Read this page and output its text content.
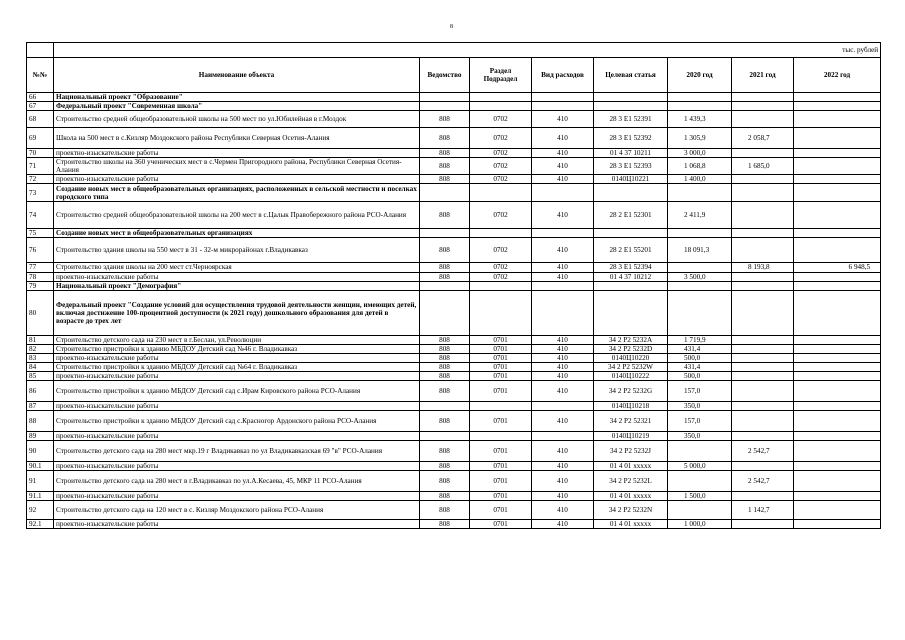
8
	тыс. рублей							
№№	Наименование объекта	Ведомство	Раздел Подраздел	Вид расходов	Целевая статья	2020 год	2021 год	2022 год
66	Национальный проект "Образование"							
67	Федеральный проект "Современная школа"							
68	Строительство средней общеобразовательной школы на 500 мест по ул.Юбилейная в г.Моздок	808	0702	410	28 3 E1 52391	1 439,3		
69	Школа на 500 мест в с.Кизляр Моздокского района Республики Северная Осетия-Алания	808	0702	410	28 3 E1 52392	1 305,9	2 058,7	
70	проектно-изыскательские работы	808	0702	410	01 4 37 10211	3 000,0		
71	Строительство школы на 360 ученических мест в с.Чермен Пригородного района, Республики Северная Осетия-Алания	808	0702	410	28 3 E1 52393	1 068,8	1 685,0	
72	проектно-изыскательские работы	808	0702	410	0140Ц10221	1 400,0		
73	Создание новых мест в общеобразовательных организациях, расположенных в сельской местности и поселках городского типа							
74	Строительство средней общеобразовательной школы на 200 мест в с.Цалык Правобережного района РСО-Алания	808	0702	410	28 2 E1 52301	2 411,9		
75	Создание новых мест в общеобразовательных организациях							
76	Строительство здания школы на 550 мест в 31 - 32-м микрорайонах г.Владикавказ	808	0702	410	28 2 E1 55201	18 091,3		
77	Строительство здания школы на 200 мест ст.Черноярская	808	0702	410	28 3 E1 52394		8 193,8	6 948,5
78	проектно-изыскательские работы	808	0702	410	01 4 37 10212	3 500,0		
79	Национальный проект "Демография"							
80	Федеральный проект "Создание условий для осуществления трудовой деятельности женщин, имеющих детей, включая достижение 100-процентной доступности (к 2021 году) дошкольного образования для детей в возрасте до трех лет							
81	Строительство детского сада на 230 мест в г.Беслан, ул.Революции	808	0701	410	34 2 P2 5232A	1 719,9		
82	Строительство пристройки к зданию МБДОУ Детский сад №46 г. Владикавказ	808	0701	410	34 2 P2 5232D	431,4		
83	проектно-изыскательские работы	808	0701	410	0140Ц10220	500,0		
84	Строительство пристройки к зданию МБДОУ Детский сад №64 г. Владикавказ	808	0701	410	34 2 P2 5232W	431,4		
85	проектно-изыскательские работы	808	0701	410	0140Ц10222	500,0		
86	Строительство пристройки к зданию МБДОУ Детский сад с.Ирам Кировского района РСО-Алания	808	0701	410	34 2 P2 5232G	157,0		
87	проектно-изыскательские работы				0140Ц10218	350,0		
88	Строительство пристройки к зданию МБДОУ Детский сад с.Красногор Ардонского района РСО-Алания	808	0701	410	34 2 P2 52321	157,0		
89	проектно-изыскательские работы				0140Ц10219	350,0		
90	Строительство детского сада на 280 мест мкр.19 г Владикавказ по ул Владикавказская 69 "в" РСО-Алания	808	0701	410	34 2 P2 5232J		2 542,7	
90.1	проектно-изыскательские работы	808	0701	410	01 4 01 xxxxx	5 000,0		
91	Строительство детского сада на 280 мест в г.Владикавказ по ул.А.Кесаева, 45, МКР 11 РСО-Алания	808	0701	410	34 2 P2 5232L		2 542,7	
91.1	проектно-изыскательские работы	808	0701	410	01 4 01 xxxxx	1 500,0		
92	Строительство детского сада на 120 мест в с. Кизляр Моздокского района РСО-Алания	808	0701	410	34 2 P2 5232N		1 142,7	
92.1	проектно-изыскательские работы	808	0701	410	01 4 01 xxxxx	1 000,0		
